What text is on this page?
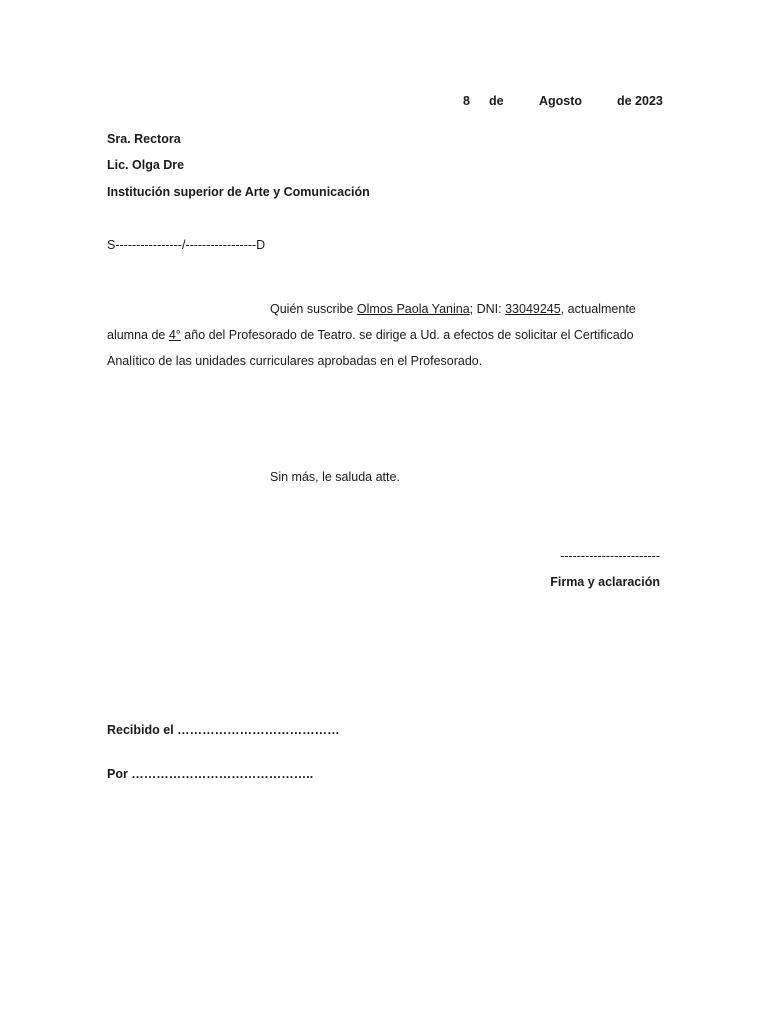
8 de	Agosto	de 2023
Sra. Rectora
Lic. Olga Dre
Institución superior de Arte y Comunicación
S----------------/-----------------D
Quién suscribe Olmos Paola Yanina; DNI: 33049245, actualmente
alumna de 4° año del Profesorado de Teatro. se dirige a Ud. a efectos de solicitar el Certificado
Analítico de las unidades curriculares aprobadas en el Profesorado.
Sin más, le saluda atte.
------------------------
Firma y aclaración
Recibido el …………………………………
Por ……………………………………..
